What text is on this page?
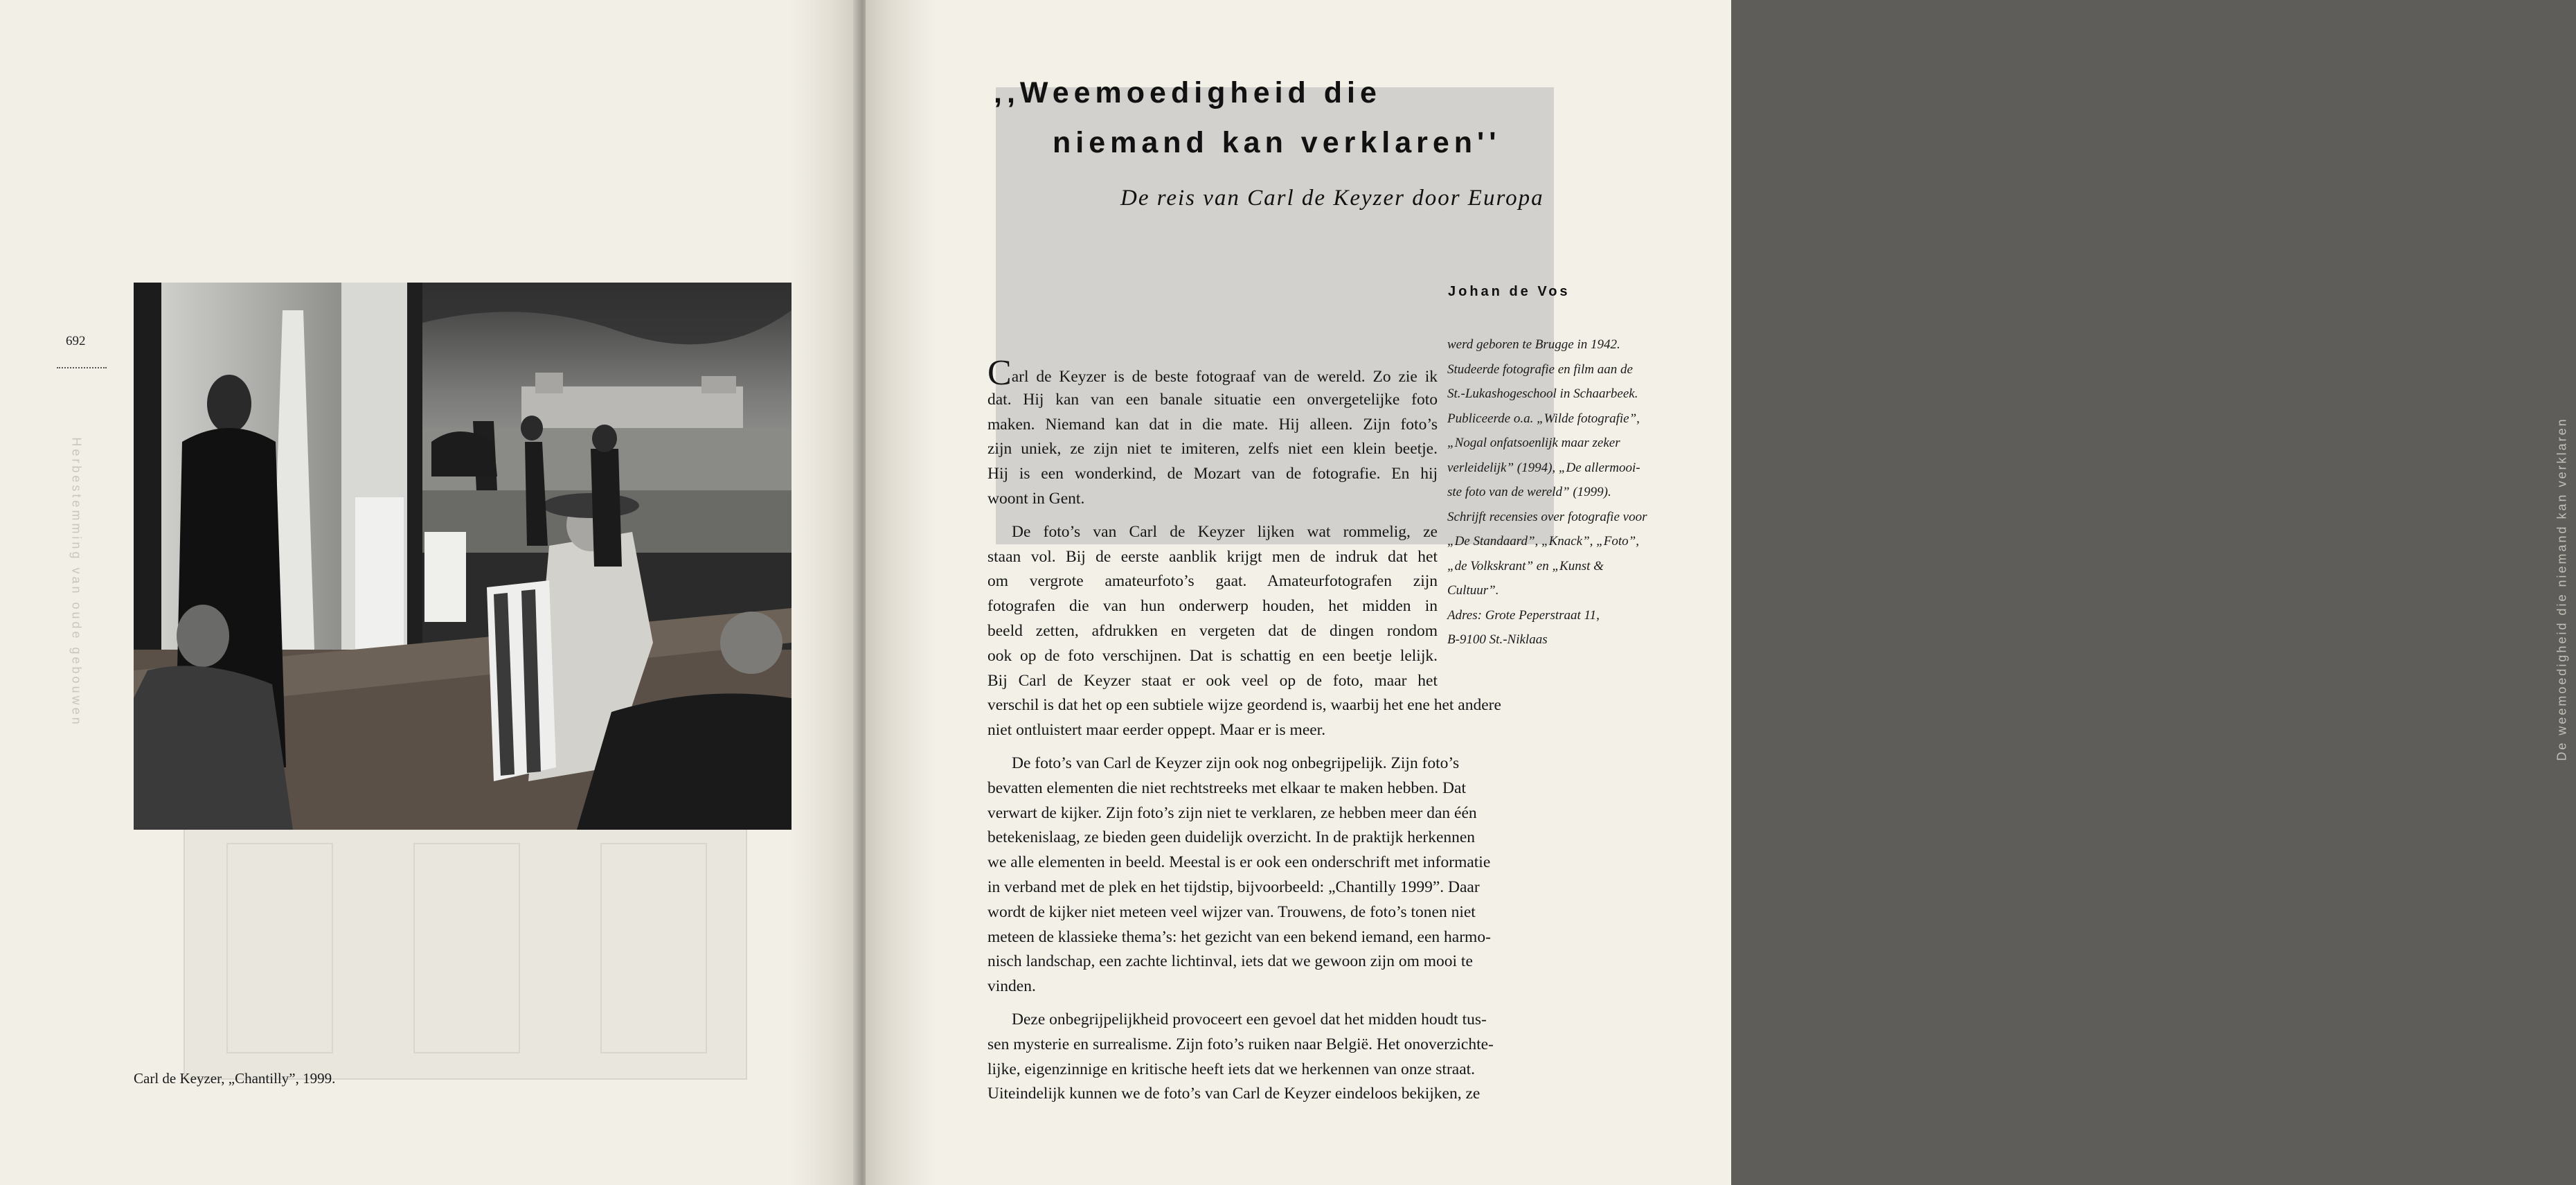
692
Carl de Keyzer, „Chantilly”, 1999.
Herbestemming van oude gebouwen	De weemoedigheid die niemand kan verklaren
,,Weemoedigheid die
niemand kan verklaren''
De reis van Carl de Keyzer door Europa
Johan de Vos
werd geboren te Brugge in 1942.
Studeerde fotografie en film aan de
St.-Lukashogeschool in Schaarbeek.
Publiceerde o.a. „Wilde fotografie”,
„Nogal onfatsoenlijk maar zeker
verleidelijk” (1994), „De allermooi-
ste foto van de wereld” (1999).
Schrijft recensies over fotografie voor
„De Standaard”, „Knack”, „Foto”,
„de Volkskrant” en „Kunst &
Cultuur”.
Adres: Grote Peperstraat 11,
B-9100 St.-Niklaas
Carl de Keyzer is de beste fotograaf van de wereld. Zo zie ik
dat. Hij kan van een banale situatie een onvergetelijke foto
maken. Niemand kan dat in die mate. Hij alleen. Zijn foto’s
zijn uniek, ze zijn niet te imiteren, zelfs niet een klein beetje.
Hij is een wonderkind, de Mozart van de fotografie. En hij
woont in Gent.
De foto’s van Carl de Keyzer lijken wat rommelig, ze
staan vol. Bij de eerste aanblik krijgt men de indruk dat het
om vergrote amateurfoto’s gaat. Amateurfotografen zijn
fotografen die van hun onderwerp houden, het midden in
beeld zetten, afdrukken en vergeten dat de dingen rondom
ook op de foto verschijnen. Dat is schattig en een beetje lelijk.
Bij Carl de Keyzer staat er ook veel op de foto, maar het
verschil is dat het op een subtiele wijze geordend is, waarbij het ene het andere
niet ontluistert maar eerder oppept. Maar er is meer.
De foto’s van Carl de Keyzer zijn ook nog onbegrijpelijk. Zijn foto’s
bevatten elementen die niet rechtstreeks met elkaar te maken hebben. Dat
verwart de kijker. Zijn foto’s zijn niet te verklaren, ze hebben meer dan één
betekenislaag, ze bieden geen duidelijk overzicht. In de praktijk herkennen
we alle elementen in beeld. Meestal is er ook een onderschrift met informatie
in verband met de plek en het tijdstip, bijvoorbeeld: „Chantilly 1999”. Daar
wordt de kijker niet meteen veel wijzer van. Trouwens, de foto’s tonen niet
meteen de klassieke thema’s: het gezicht van een bekend iemand, een harmo-
nisch landschap, een zachte lichtinval, iets dat we gewoon zijn om mooi te
vinden.
Deze onbegrijpelijkheid provoceert een gevoel dat het midden houdt tus-
sen mysterie en surrealisme. Zijn foto’s ruiken naar België. Het onoverzichte-
lijke, eigenzinnige en kritische heeft iets dat we herkennen van onze straat.
Uiteindelijk kunnen we de foto’s van Carl de Keyzer eindeloos bekijken, ze
